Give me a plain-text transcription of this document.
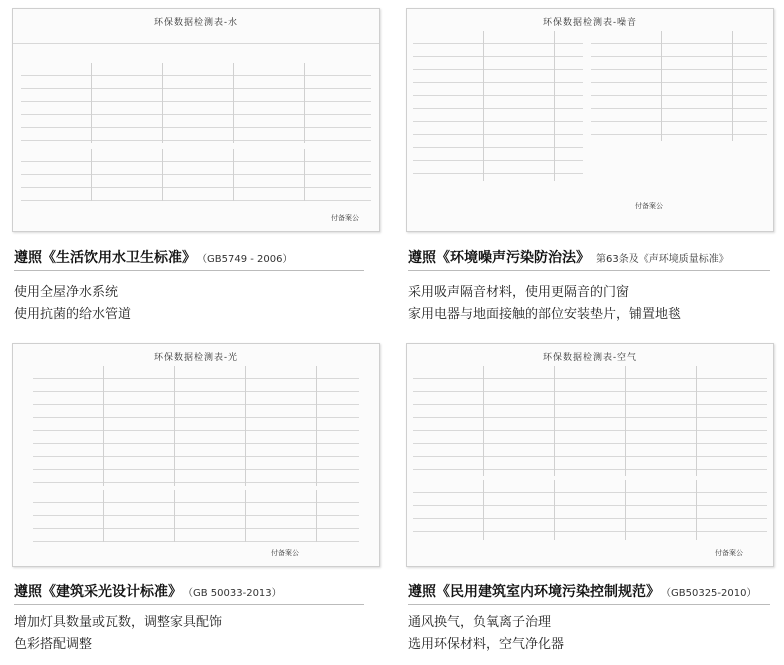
环保数据检测表-水
付备案公
遵照《生活饮用水卫生标准》 （GB5749 - 2006）
使用全屋净水系统
使用抗菌的给水管道
环保数据检测表-噪音
付备案公
遵照《环境噪声污染防治法》 第63条及《声环境质量标准》
采用吸声隔音材料，使用更隔音的门窗
家用电器与地面接触的部位安装垫片，铺置地毯
环保数据检测表-光
付备案公
遵照《建筑采光设计标准》 （GB 50033-2013）
增加灯具数量或瓦数，调整家具配饰
色彩搭配调整
环保数据检测表-空气
付备案公
遵照《民用建筑室内环境污染控制规范》 （GB50325-2010）
通风换气，负氧离子治理
选用环保材料，空气净化器
